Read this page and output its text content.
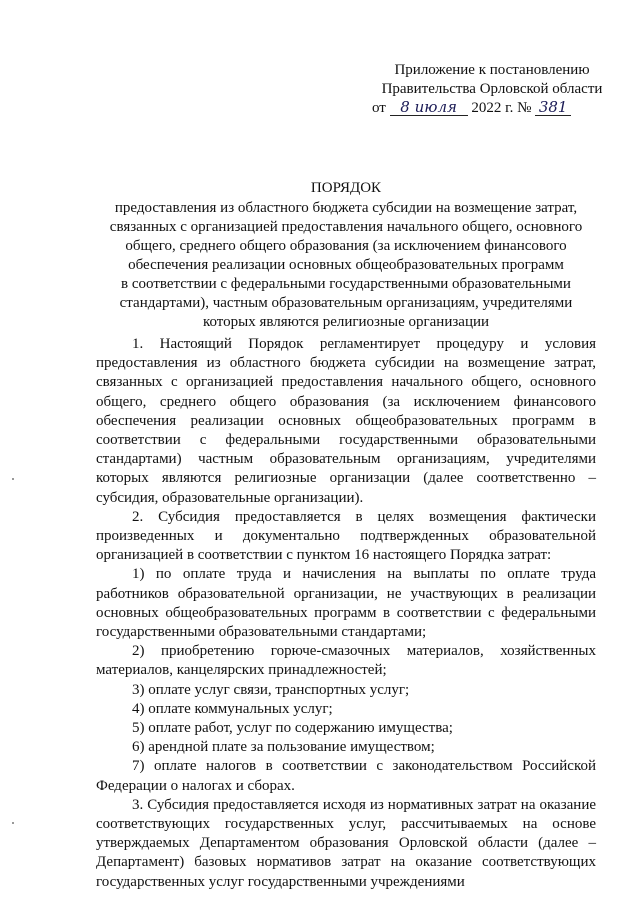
Приложение к постановлению
Правительства Орловской области
от 8 июля 2022 г. № 381
ПОРЯДОК
предоставления из областного бюджета субсидии на возмещение затрат,
связанных с организацией предоставления начального общего, основного
общего, среднего общего образования (за исключением финансового
обеспечения реализации основных общеобразовательных программ
в соответствии с федеральными государственными образовательными
стандартами), частным образовательным организациям, учредителями
которых являются религиозные организации

1. Настоящий Порядок регламентирует процедуру и условия предоставления из областного бюджета субсидии на возмещение затрат, связанных с организацией предоставления начального общего, основного общего, среднего общего образования (за исключением финансового обеспечения реализации основных общеобразовательных программ в соответствии с федеральными государственными образовательными стандартами) частным образовательным организациям, учредителями которых являются религиозные организации (далее соответственно – субсидия, образовательные организации).

2. Субсидия предоставляется в целях возмещения фактически произведенных и документально подтвержденных образовательной организацией в соответствии с пунктом 16 настоящего Порядка затрат:

1) по оплате труда и начисления на выплаты по оплате труда работников образовательной организации, не участвующих в реализации основных общеобразовательных программ в соответствии с федеральными государственными образовательными стандартами;

2) приобретению горюче-смазочных материалов, хозяйственных материалов, канцелярских принадлежностей;

3) оплате услуг связи, транспортных услуг;

4) оплате коммунальных услуг;

5) оплате работ, услуг по содержанию имущества;

6) арендной плате за пользование имуществом;

7) оплате налогов в соответствии с законодательством Российской Федерации о налогах и сборах.

3. Субсидия предоставляется исходя из нормативных затрат на оказание соответствующих государственных услуг, рассчитываемых на основе утверждаемых Департаментом образования Орловской области (далее – Департамент) базовых нормативов затрат на оказание соответствующих государственных услуг государственными учреждениями
